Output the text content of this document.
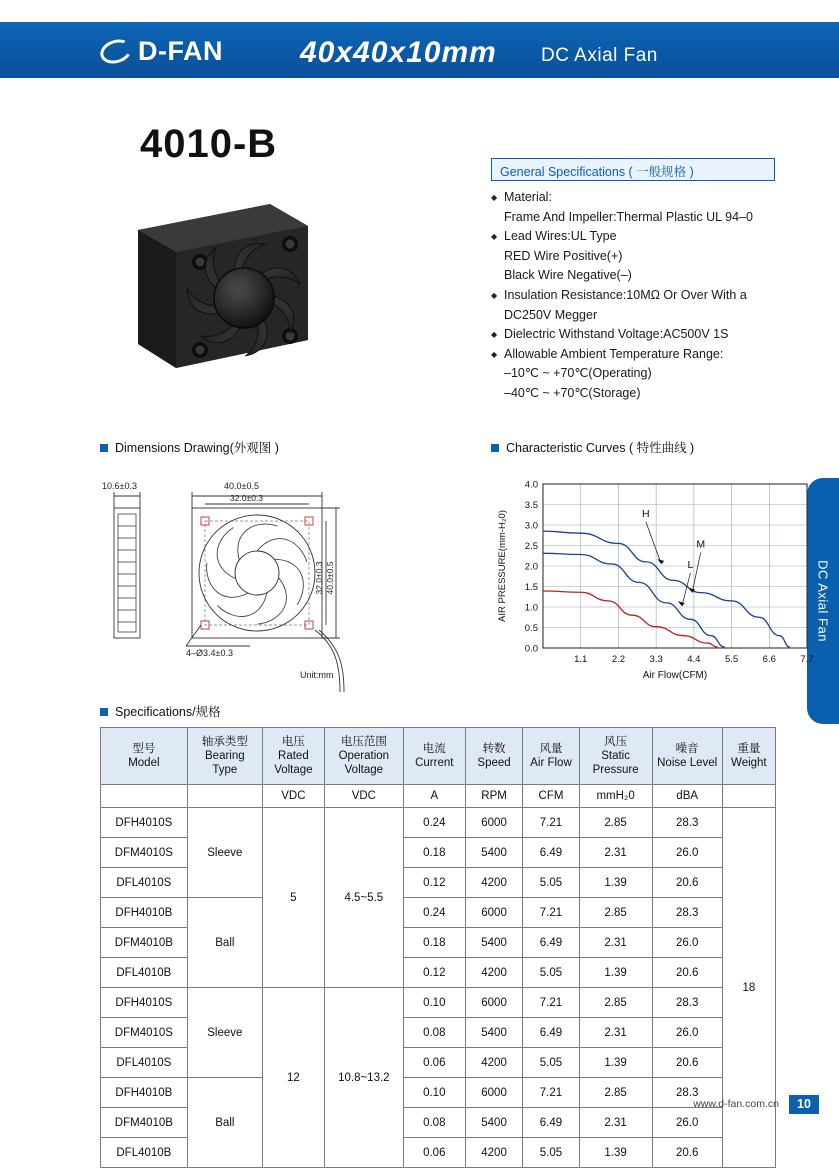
D-FAN	40x40x10mm DC Axial Fan
DC Axial Fan
4010-B
General Specifications ( 一般规格 )
◆ Material:
Frame And Impeller:Thermal Plastic UL 94–0
◆ Lead Wires:UL Type
RED Wire Positive(+)
Black Wire Negative(–)
◆ Insulation Resistance:10MΩ Or Over With a
DC250V Megger
◆ Dielectric Withstand Voltage:AC500V 1S
◆ Allowable Ambient Temperature Range:
–10℃ ~ +70℃(Operating)
–40℃ ~ +70℃(Storage)
Dimensions Drawing(外观图 )
10.6±0.3	40.0±0.5
32.0±0.3
32.0±0.3 40.0±0.5
4–Ø3.4±0.3
Unit:mm
Characteristic Curves ( 特性曲线 )
1.1	2.2	3.3	4.4	5.5	6.6	7.7
0.0
0.5
1.0
1.5
2.0
2.5
3.0
3.5
4.0
H
M
L
AIR PRESSURE(mm-H₂0)
Air Flow(CFM)
Specifications/规格
型号
Model

轴承类型
Bearing
Type

电压
Rated
Voltage

电压范围
Operation
Voltage

电流
Current

转数
Speed

风量
Air Flow

风压
Static
Pressure

噪音
Noise Level

重量
Weight

		VDC	VDC	A	RPM	CFM	mmH₂0	dBA	
DFH4010S	Sleeve	5	4.5~5.5	0.24	6000	7.21	2.85	28.3	18
DFM4010S				0.18	5400	6.49	2.31	26.0	
DFL4010S				0.12	4200	5.05	1.39	20.6	
DFH4010B	Ball			0.24	6000	7.21	2.85	28.3	
DFM4010B				0.18	5400	6.49	2.31	26.0	
DFL4010B				0.12	4200	5.05	1.39	20.6	
DFH4010S	Sleeve	12	10.8~13.2	0.10	6000	7.21	2.85	28.3	
DFM4010S				0.08	5400	6.49	2.31	26.0	
DFL4010S				0.06	4200	5.05	1.39	20.6	
DFH4010B	Ball			0.10	6000	7.21	2.85	28.3	
DFM4010B				0.08	5400	6.49	2.31	26.0	
DFL4010B				0.06	4200	5.05	1.39	20.6	
www.d-fan.com.cn	10
